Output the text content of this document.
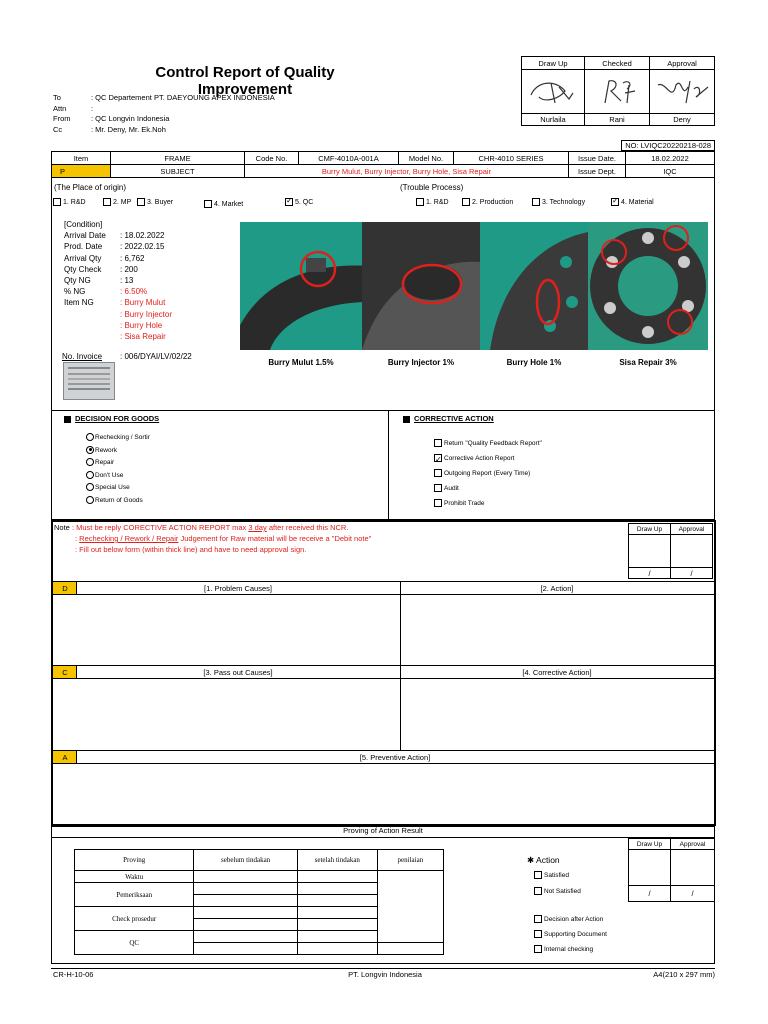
Control Report of Quality Improvement
To	: QC Departement PT. DAEYOUNG APEX INDONESIA
Attn	:
From	: QC Longvin Indonesia
Cc	: Mr. Deny, Mr. Ek.Noh
Draw Up	Checked	Approval
Nurlaila	Rani	Deny
NO: LVIQC20220218-028
Item	FRAME	Code No.	CMF-4010A-001A	Model No.	CHR-4010 SERIES	Issue Date.	18.02.2022
P	SUBJECT	Burry Mulut, Burry Injector, Burry Hole, Sisa Repair	Issue Dept.	IQC
(The Place of origin)	(Trouble Process)
1. R&D	2. MP	3. Buyer	4. Market ✓	5. QC	1. R&D	2. Production	3. Technology ✓	4. Material
[Condition]
Arrival Date : 18.02.2022
Prod. Date : 2022.02.15
Arrival Qty : 6,762
Qty Check : 200
Qty NG	: 13
% NG	: 6.50%
Item NG	: Burry Mulut
: Burry Injector
: Burry Hole
: Sisa Repair
No. Invoice : 006/DYAI/LV/02/22
Burry Mulut 1.5%	Burry Injector 1%	Burry Hole 1%	Sisa Repair 3%
DECISION FOR GOODS	CORRECTIVE ACTION
Rechecking / Sortir
Rework
Repair
Don't Use
Special Use
Return of Goods
Return "Quality Feedback Report"
✓Corrective Action Report
Outgoing Report (Every Time)
Audit
Prohibit Trade
Note : Must be reply CORECTIVE ACTION REPORT max 3 day after received this NCR.
: Rechecking / Rework / Repair Judgement for Raw material will be receive a "Debit note"
: Fill out below form (within thick line) and have to need approval sign.
Draw Up	Approval
/	/
D	[1. Problem Causes]	[2. Action]
C	[3. Pass out Causes]	[4. Corrective Action]
A	[5. Preventive Action]
Proving of Action Result
Proving	sebelum tindakan	setelah tindakan	penilaian
Waktu			
Pemeriksaan			

Check prosedur			

QC			

✱ Action
Satisfied
Not Satisfied
Decision after Action
Supporting Document
Internal checking
Draw Up	Approval
/	/
CR-H-10-06	PT. Longvin Indonesia	A4(210 x 297 mm)
